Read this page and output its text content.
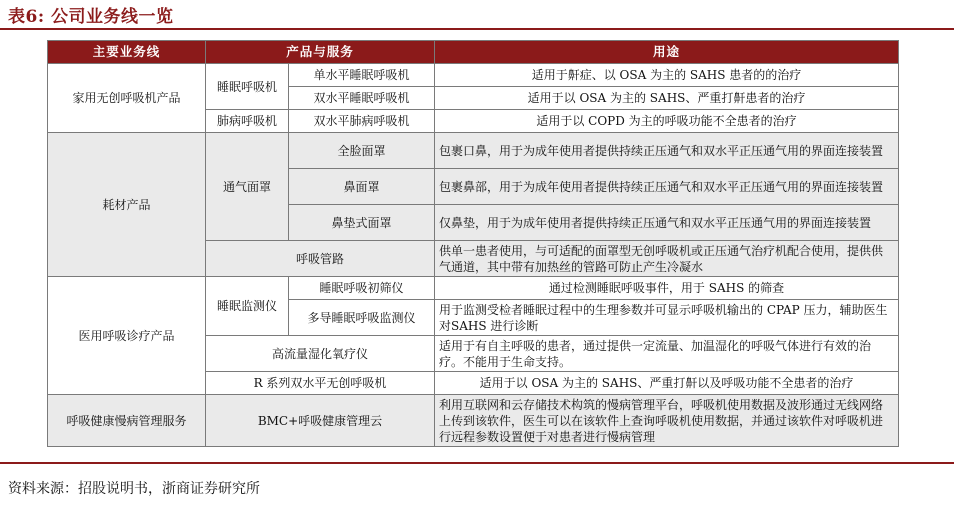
表6: 公司业务线一览
主要业务线	产品与服务		用途
家用无创呼吸机产品	睡眠呼吸机	单水平睡眠呼吸机	适用于鼾症、以 OSA 为主的 SAHS 患者的的治疗
		双水平睡眠呼吸机	适用于以 OSA 为主的 SAHS、严重打鼾患者的治疗
	肺病呼吸机	双水平肺病呼吸机	适用于以 COPD 为主的呼吸功能不全患者的治疗
耗材产品	通气面罩	全脸面罩	包裹口鼻，用于为成年使用者提供持续正压通气和双水平正压通气用的界面连接装置
		鼻面罩	包裹鼻部，用于为成年使用者提供持续正压通气和双水平正压通气用的界面连接装置
		鼻垫式面罩	仅鼻垫，用于为成年使用者提供持续正压通气和双水平正压通气用的界面连接装置
	呼吸管路		供单一患者使用，与可适配的面罩型无创呼吸机或正压通气治疗机配合使用，提供供气通道，其中带有加热丝的管路可防止产生冷凝水
医用呼吸诊疗产品	睡眠监测仪	睡眠呼吸初筛仪	通过检测睡眠呼吸事件，用于 SAHS 的筛查
		多导睡眠呼吸监测仪	用于监测受检者睡眠过程中的生理参数并可显示呼吸机输出的 CPAP 压力，辅助医生对SAHS 进行诊断
	高流量湿化氧疗仪		适用于有自主呼吸的患者，通过提供一定流量、加温湿化的呼吸气体进行有效的治疗。不能用于生命支持。
	R 系列双水平无创呼吸机		适用于以 OSA 为主的 SAHS、严重打鼾以及呼吸功能不全患者的治疗
呼吸健康慢病管理服务	BMC+呼吸健康管理云		利用互联网和云存储技术构筑的慢病管理平台，呼吸机使用数据及波形通过无线网络上传到该软件，医生可以在该软件上查询呼吸机使用数据，并通过该软件对呼吸机进行远程参数设置便于对患者进行慢病管理
资料来源：招股说明书，浙商证券研究所
